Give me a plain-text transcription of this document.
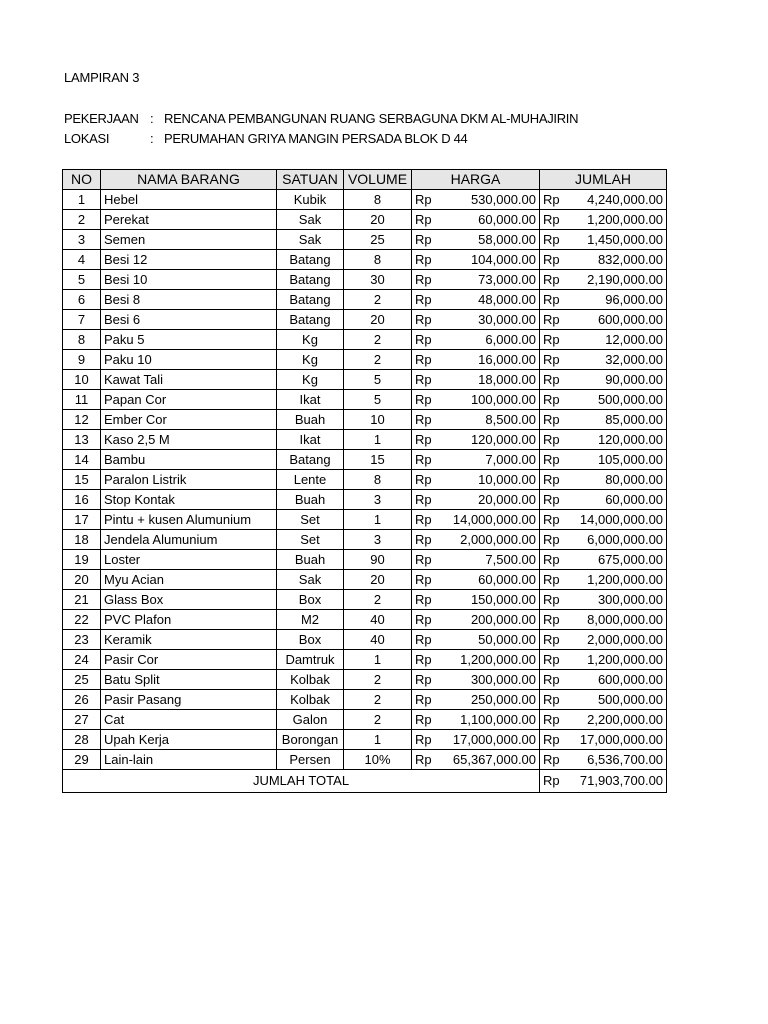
LAMPIRAN 3
PEKERJAAN : RENCANA PEMBANGUNAN RUANG SERBAGUNA DKM AL-MUHAJIRIN
LOKASI	: PERUMAHAN GRIYA MANGIN PERSADA BLOK D 44
NO	NAMA BARANG	SATUAN	VOLUME	HARGA		JUMLAH	
1	Hebel	Kubik	8	Rp	530,000.00	Rp	4,240,000.00
2	Perekat	Sak	20	Rp	60,000.00	Rp	1,200,000.00
3	Semen	Sak	25	Rp	58,000.00	Rp	1,450,000.00
4	Besi 12	Batang	8	Rp	104,000.00	Rp	832,000.00
5	Besi 10	Batang	30	Rp	73,000.00	Rp	2,190,000.00
6	Besi 8	Batang	2	Rp	48,000.00	Rp	96,000.00
7	Besi 6	Batang	20	Rp	30,000.00	Rp	600,000.00
8	Paku 5	Kg	2	Rp	6,000.00	Rp	12,000.00
9	Paku 10	Kg	2	Rp	16,000.00	Rp	32,000.00
10	Kawat Tali	Kg	5	Rp	18,000.00	Rp	90,000.00
11	Papan Cor	Ikat	5	Rp	100,000.00	Rp	500,000.00
12	Ember Cor	Buah	10	Rp	8,500.00	Rp	85,000.00
13	Kaso 2,5 M	Ikat	1	Rp	120,000.00	Rp	120,000.00
14	Bambu	Batang	15	Rp	7,000.00	Rp	105,000.00
15	Paralon Listrik	Lente	8	Rp	10,000.00	Rp	80,000.00
16	Stop Kontak	Buah	3	Rp	20,000.00	Rp	60,000.00
17	Pintu + kusen Alumunium	Set	1	Rp	14,000,000.00	Rp	14,000,000.00
18	Jendela Alumunium	Set	3	Rp	2,000,000.00	Rp	6,000,000.00
19	Loster	Buah	90	Rp	7,500.00	Rp	675,000.00
20	Myu Acian	Sak	20	Rp	60,000.00	Rp	1,200,000.00
21	Glass Box	Box	2	Rp	150,000.00	Rp	300,000.00
22	PVC Plafon	M2	40	Rp	200,000.00	Rp	8,000,000.00
23	Keramik	Box	40	Rp	50,000.00	Rp	2,000,000.00
24	Pasir Cor	Damtruk	1	Rp	1,200,000.00	Rp	1,200,000.00
25	Batu Split	Kolbak	2	Rp	300,000.00	Rp	600,000.00
26	Pasir Pasang	Kolbak	2	Rp	250,000.00	Rp	500,000.00
27	Cat	Galon	2	Rp	1,100,000.00	Rp	2,200,000.00
28	Upah Kerja	Borongan	1	Rp	17,000,000.00	Rp	17,000,000.00
29	Lain-lain	Persen	10%	Rp	65,367,000.00	Rp	6,536,700.00
JUMLAH TOTAL						Rp	71,903,700.00
